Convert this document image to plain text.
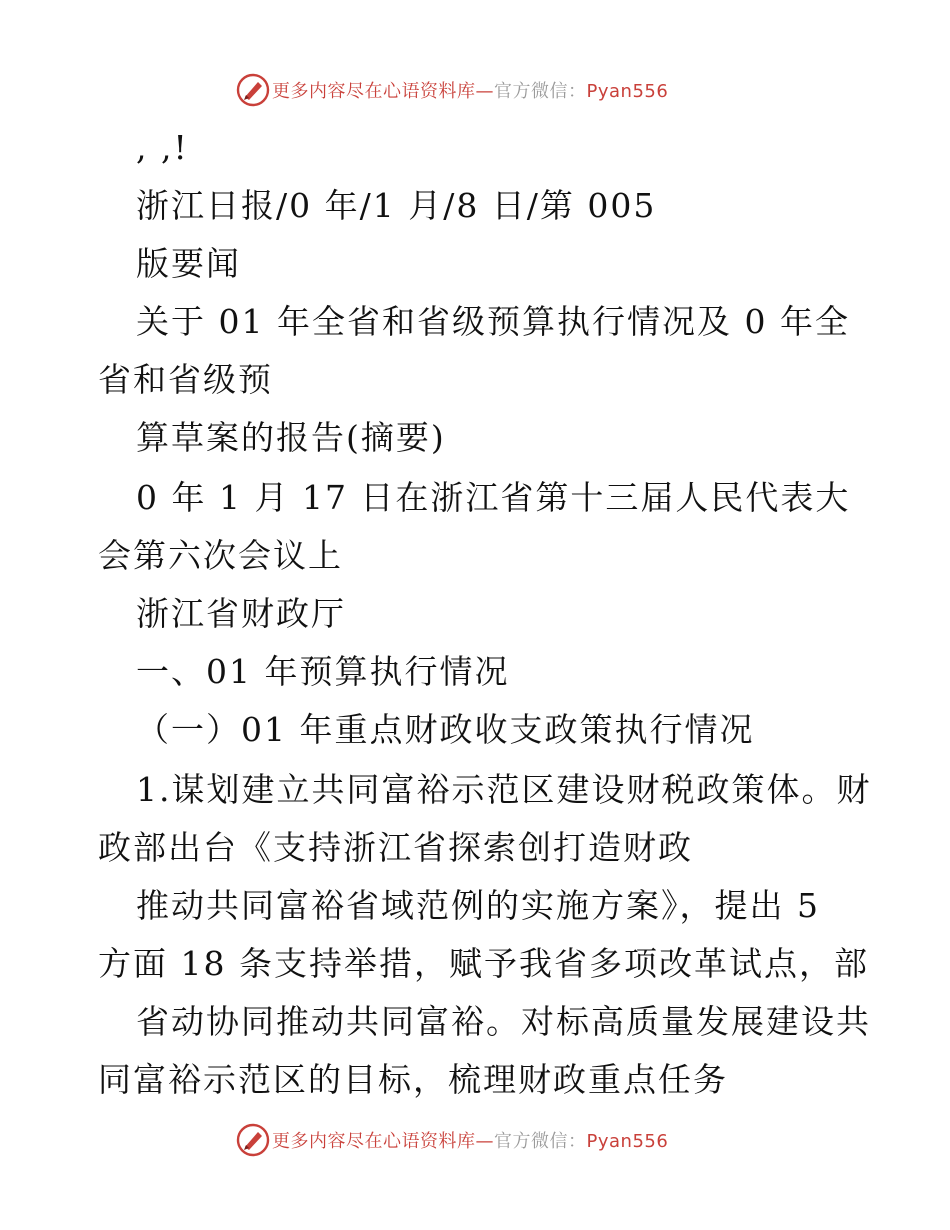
更多内容尽在心语资料库—官方微信：Pyan556
, ,!
浙江日报/0 年/1 月/8 日/第 005
版要闻
关于 01 年全省和省级预算执行情况及 0 年全
省和省级预
算草案的报告(摘要)
0 年 1 月 17 日在浙江省第十三届人民代表大
会第六次会议上
浙江省财政厅
一、01 年预算执行情况
（一）01 年重点财政收支政策执行情况
1.谋划建立共同富裕示范区建设财税政策体。财
政部出台《支持浙江省探索创打造财政
推动共同富裕省域范例的实施方案》，提出 5
方面 18 条支持举措，赋予我省多项改革试点，部
省动协同推动共同富裕。对标高质量发展建设共
同富裕示范区的目标，梳理财政重点任务
更多内容尽在心语资料库—官方微信：Pyan556
